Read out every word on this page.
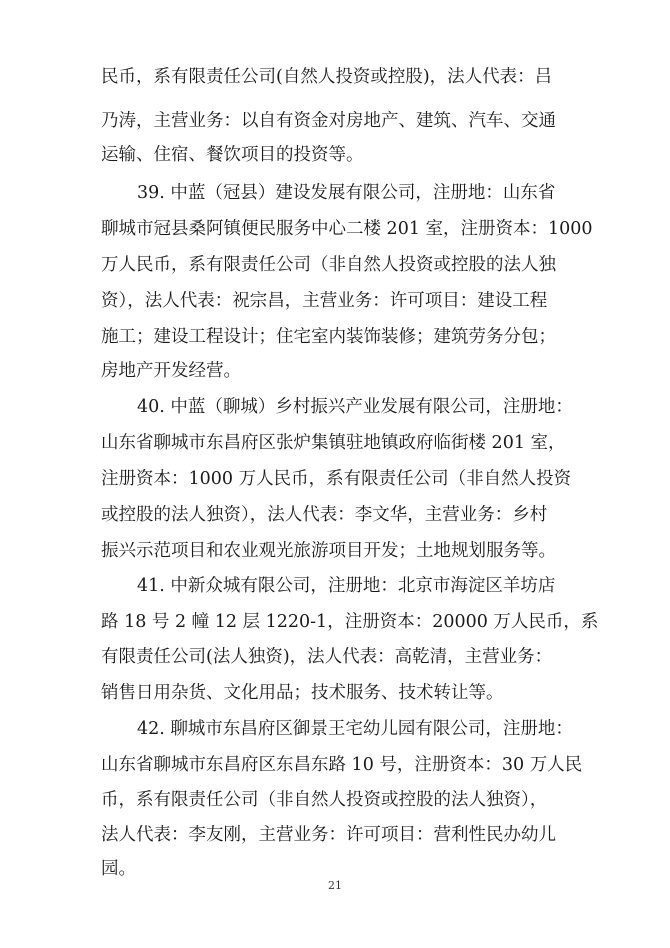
民币，系有限责任公司(自然人投资或控股)，法人代表：吕
乃涛，主营业务：以自有资金对房地产、建筑、汽车、交通
运输、住宿、餐饮项目的投资等。
39. 中蓝（冠县）建设发展有限公司，注册地：山东省
聊城市冠县桑阿镇便民服务中心二楼 201 室，注册资本：1000
万人民币，系有限责任公司（非自然人投资或控股的法人独
资），法人代表：祝宗昌，主营业务：许可项目：建设工程
施工；建设工程设计；住宅室内装饰装修；建筑劳务分包；
房地产开发经营。
40. 中蓝（聊城）乡村振兴产业发展有限公司，注册地：
山东省聊城市东昌府区张炉集镇驻地镇政府临街楼 201 室，
注册资本：1000 万人民币，系有限责任公司（非自然人投资
或控股的法人独资），法人代表：李文华，主营业务：乡村
振兴示范项目和农业观光旅游项目开发；土地规划服务等。
41. 中新众城有限公司，注册地：北京市海淀区羊坊店
路 18 号 2 幢 12 层 1220-1，注册资本：20000 万人民币，系
有限责任公司(法人独资)，法人代表：高乾清，主营业务：
销售日用杂货、文化用品；技术服务、技术转让等。
42. 聊城市东昌府区御景王宅幼儿园有限公司，注册地：
山东省聊城市东昌府区东昌东路 10 号，注册资本：30 万人民
币，系有限责任公司（非自然人投资或控股的法人独资），
法人代表：李友刚，主营业务：许可项目：营利性民办幼儿
园。
21
